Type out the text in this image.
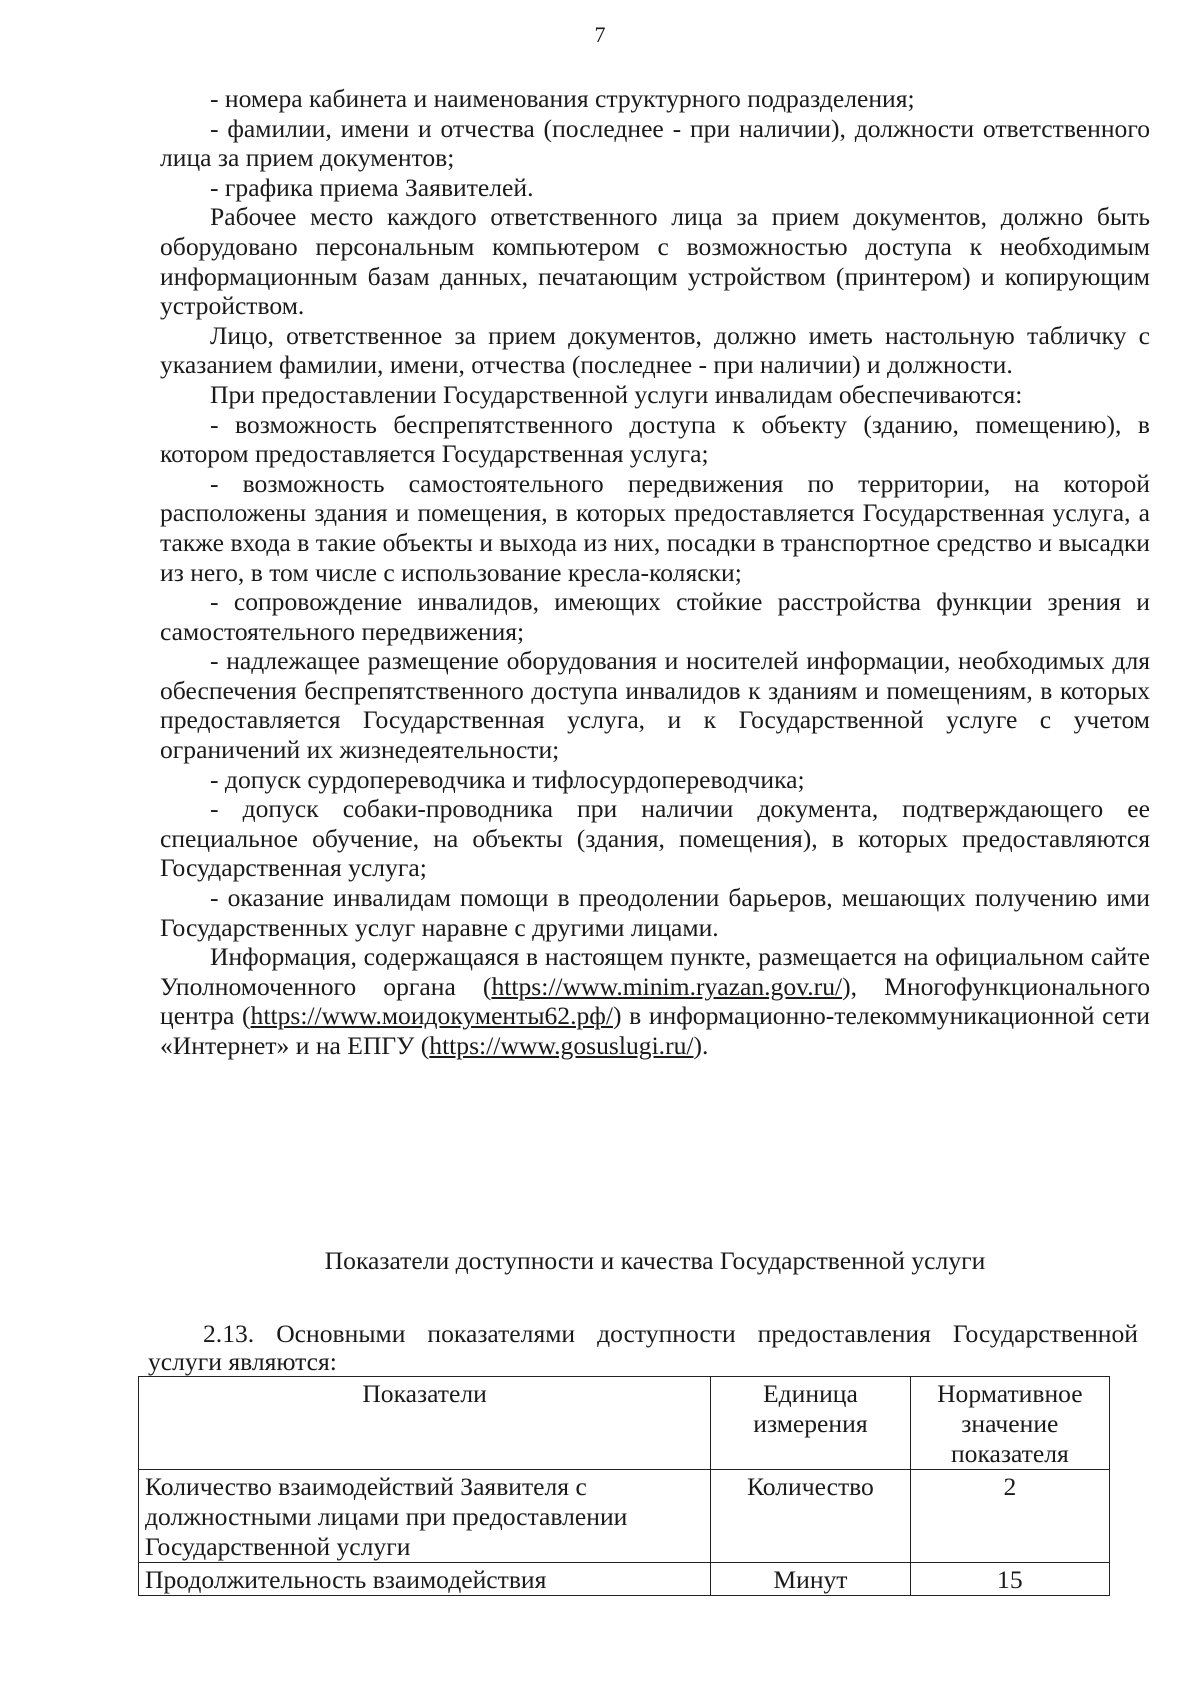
7

- номера кабинета и наименования структурного подразделения;

- фамилии, имени и отчества (последнее - при наличии), должности ответственного лица за прием документов;

- графика приема Заявителей.

Рабочее место каждого ответственного лица за прием документов, должно быть оборудовано персональным компьютером с возможностью доступа к необходимым информационным базам данных, печатающим устройством (принтером) и копирующим устройством.

Лицо, ответственное за прием документов, должно иметь настольную табличку с указанием фамилии, имени, отчества (последнее - при наличии) и должности.

При предоставлении Государственной услуги инвалидам обеспечиваются:

- возможность беспрепятственного доступа к объекту (зданию, помещению), в котором предоставляется Государственная услуга;

- возможность самостоятельного передвижения по территории, на которой расположены здания и помещения, в которых предоставляется Государственная услуга, а также входа в такие объекты и выхода из них, посадки в транспортное средство и высадки из него, в том числе с использование кресла-коляски;

- сопровождение инвалидов, имеющих стойкие расстройства функции зрения и самостоятельного передвижения;

- надлежащее размещение оборудования и носителей информации, необходимых для обеспечения беспрепятственного доступа инвалидов к зданиям и помещениям, в которых предоставляется Государственная услуга, и к Государственной услуге с учетом ограничений их жизнедеятельности;

- допуск сурдопереводчика и тифлосурдопереводчика;

- допуск собаки-проводника при наличии документа, подтверждающего ее специальное обучение, на объекты (здания, помещения), в которых предоставляются Государственная услуга;

- оказание инвалидам помощи в преодолении барьеров, мешающих получению ими Государственных услуг наравне с другими лицами.

Информация, содержащаяся в настоящем пункте, размещается на официальном сайте Уполномоченного органа (https://www.minim.ryazan.gov.ru/), Многофункционального центра (https://www.моидокументы62.рф/) в информационно-телекоммуникационной сети «Интернет» и на ЕПГУ (https://www.gosuslugi.ru/).

Показатели доступности и качества Государственной услуги
2.13. Основными показателями доступности предоставления Государственной услуги являются:
Показатели	Единица измерения	Нормативное значение показателя
Количество взаимодействий Заявителя с должностными лицами при предоставлении Государственной услуги	Количество	2
Продолжительность взаимодействия	Минут	15
